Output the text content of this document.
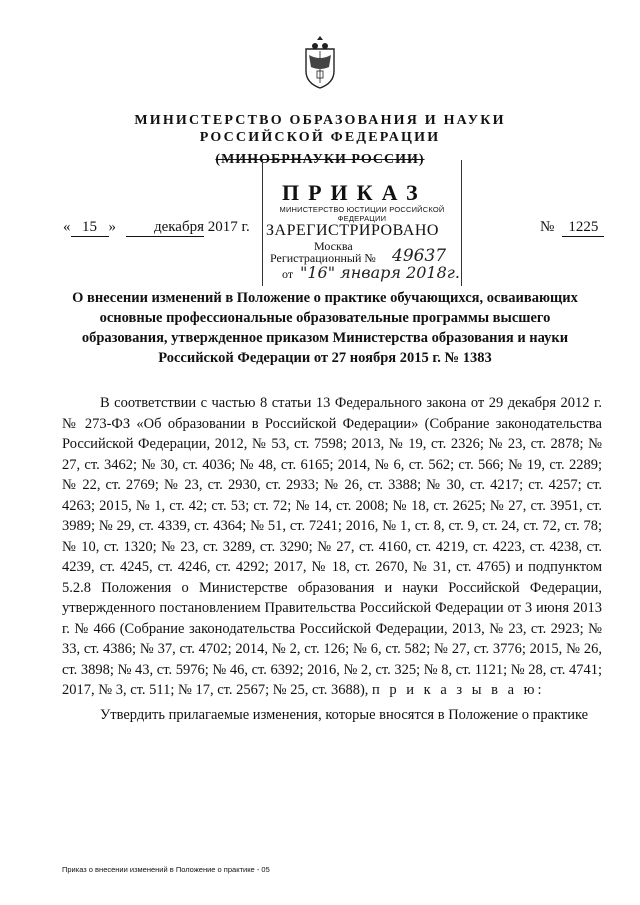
МИНИСТЕРСТВО ОБРАЗОВАНИЯ И НАУКИ
РОССИЙСКОЙ ФЕДЕРАЦИИ
(МИНОБРНАУКИ РОССИИ)
ПРИКАЗ
МИНИСТЕРСТВО ЮСТИЦИИ РОССИЙСКОЙ ФЕДЕРАЦИИ
ЗАРЕГИСТРИРОВАНО
Москва
Регистрационный № 49637
от "16" января 2018г.
« 15 »	декабря 2017 г.	№ 1225
О внесении изменений в Положение о практике обучающихся, осваивающих основные профессиональные образовательные программы высшего образования, утвержденное приказом Министерства образования и науки Российской Федерации от 27 ноября 2015 г. № 1383

В соответствии с частью 8 статьи 13 Федерального закона от 29 декабря 2012 г. № 273-ФЗ «Об образовании в Российской Федерации» (Собрание законодательства Российской Федерации, 2012, № 53, ст. 7598; 2013, № 19, ст. 2326; № 23, ст. 2878; № 27, ст. 3462; № 30, ст. 4036; № 48, ст. 6165; 2014, № 6, ст. 562; ст. 566; № 19, ст. 2289; № 22, ст. 2769; № 23, ст. 2930, ст. 2933; № 26, ст. 3388; № 30, ст. 4217; ст. 4257; ст. 4263; 2015, № 1, ст. 42; ст. 53; ст. 72; № 14, ст. 2008; № 18, ст. 2625; № 27, ст. 3951, ст. 3989; № 29, ст. 4339, ст. 4364; № 51, ст. 7241; 2016, № 1, ст. 8, ст. 9, ст. 24, ст. 72, ст. 78; № 10, ст. 1320; № 23, ст. 3289, ст. 3290; № 27, ст. 4160, ст. 4219, ст. 4223, ст. 4238, ст. 4239, ст. 4245, ст. 4246, ст. 4292; 2017, № 18, ст. 2670, № 31, ст. 4765) и подпунктом 5.2.8 Положения о Министерстве образования и науки Российской Федерации, утвержденного постановлением Правительства Российской Федерации от 3 июня 2013 г. № 466 (Собрание законодательства Российской Федерации, 2013, № 23, ст. 2923; № 33, ст. 4386; № 37, ст. 4702; 2014, № 2, ст. 126; № 6, ст. 582; № 27, ст. 3776; 2015, № 26, ст. 3898; № 43, ст. 5976; № 46, ст. 6392; 2016, № 2, ст. 325; № 8, ст. 1121; № 28, ст. 4741; 2017, № 3, ст. 511; № 17, ст. 2567; № 25, ст. 3688), п р и к а з ы в а ю:

Утвердить прилагаемые изменения, которые вносятся в Положение о практике

Приказ о внесении изменений в Положение о практике - 05
